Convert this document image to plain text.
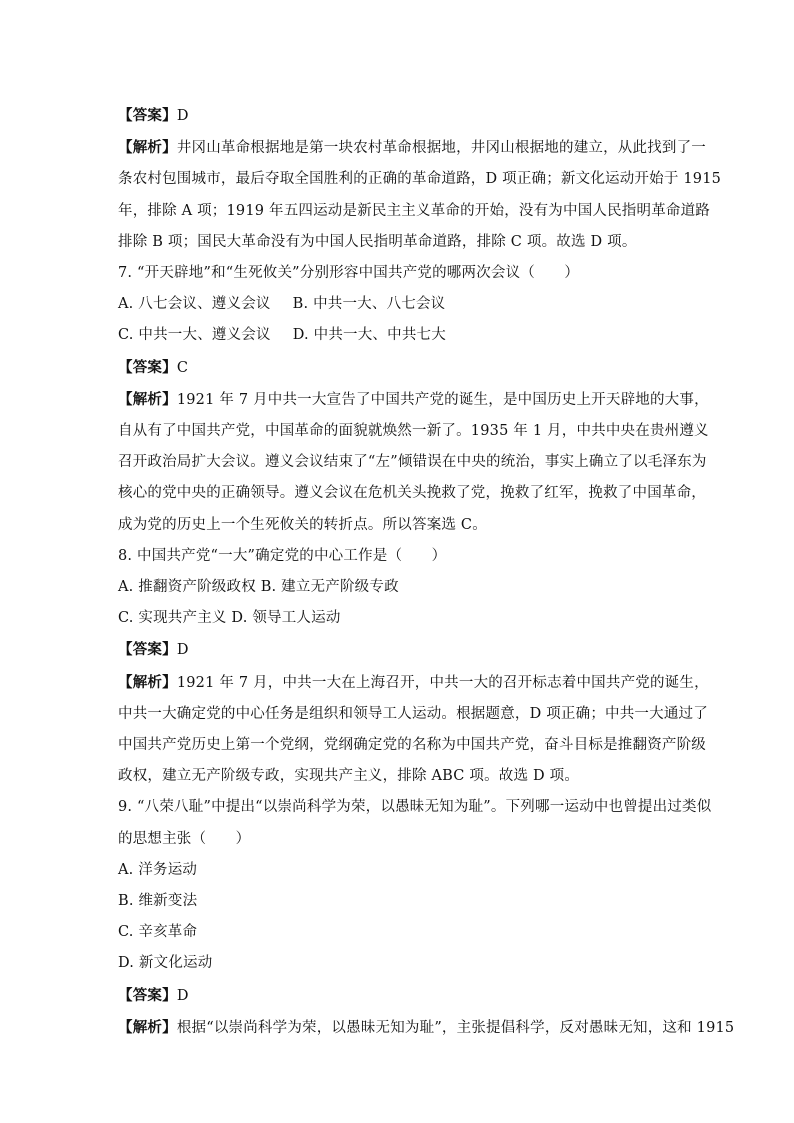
【答案】D
【解析】井冈山革命根据地是第一块农村革命根据地，井冈山根据地的建立，从此找到了一
条农村包围城市，最后夺取全国胜利的正确的革命道路，D 项正确；新文化运动开始于 1915
年，排除 A 项；1919 年五四运动是新民主主义革命的开始，没有为中国人民指明革命道路
排除 B 项；国民大革命没有为中国人民指明革命道路，排除 C 项。故选 D 项。
7. “开天辟地”和“生死攸关”分别形容中国共产党的哪两次会议（　　）
A. 八七会议、遵义会议 B. 中共一大、八七会议
C. 中共一大、遵义会议 D. 中共一大、中共七大
【答案】C
【解析】1921 年 7 月中共一大宣告了中国共产党的诞生，是中国历史上开天辟地的大事，
自从有了中国共产党，中国革命的面貌就焕然一新了。1935 年 1 月，中共中央在贵州遵义
召开政治局扩大会议。遵义会议结束了“左”倾错误在中央的统治，事实上确立了以毛泽东为
核心的党中央的正确领导。遵义会议在危机关头挽救了党，挽救了红军，挽救了中国革命，
成为党的历史上一个生死攸关的转折点。所以答案选 C。
8. 中国共产党“一大”确定党的中心工作是（　　）
A. 推翻资产阶级政权 B. 建立无产阶级专政
C. 实现共产主义 D. 领导工人运动
【答案】D
【解析】1921 年 7 月，中共一大在上海召开，中共一大的召开标志着中国共产党的诞生，
中共一大确定党的中心任务是组织和领导工人运动。根据题意，D 项正确；中共一大通过了
中国共产党历史上第一个党纲，党纲确定党的名称为中国共产党，奋斗目标是推翻资产阶级
政权，建立无产阶级专政，实现共产主义，排除 ABC 项。故选 D 项。
9. “八荣八耻”中提出“以崇尚科学为荣，以愚昧无知为耻”。下列哪一运动中也曾提出过类似
的思想主张（　　）
A. 洋务运动
B. 维新变法
C. 辛亥革命
D. 新文化运动
【答案】D
【解析】根据“以崇尚科学为荣，以愚昧无知为耻”，主张提倡科学，反对愚昧无知，这和 1915
